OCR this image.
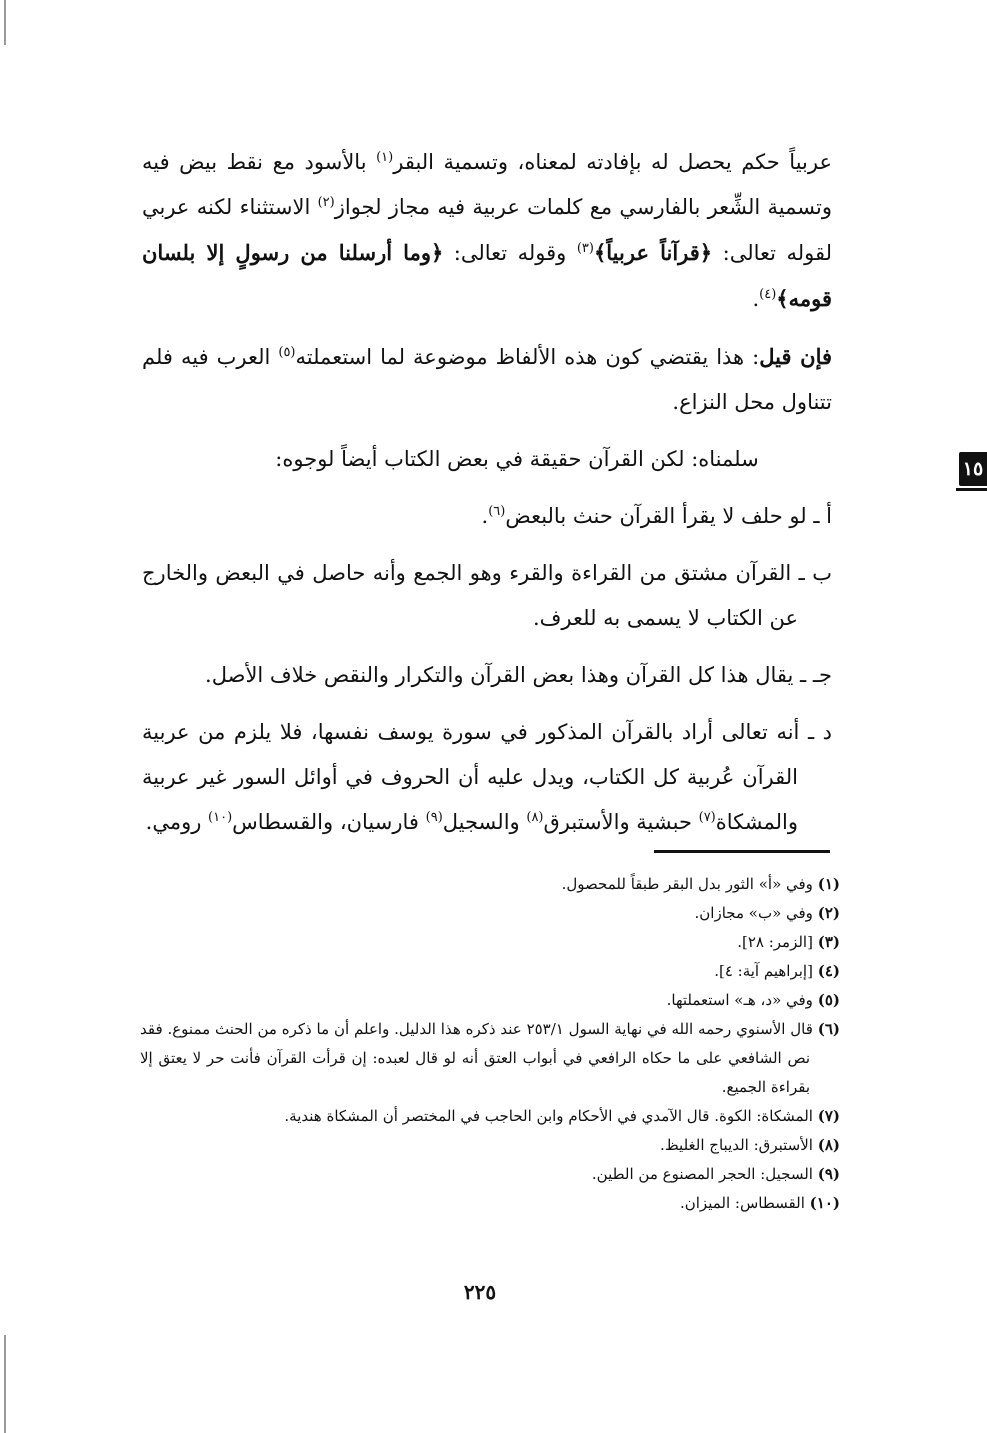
١٥

عربياً حكم يحصل له بإفادته لمعناه، وتسمية البقر$^{(١)}$ بالأسود مع نقط بيض فيه وتسمية الشِّعر بالفارسي مع كلمات عربية فيه مجاز لجواز$^{(٢)}$ الاستثناء لكنه عربي لقوله تعالى: ﴿قرآناً عربياً﴾$^{(٣)}$ وقوله تعالى: ﴿وما أرسلنا من رسولٍ إلا بلسان قومه﴾$^{(٤)}$.

فإن قيل: هذا يقتضي كون هذه الألفاظ موضوعة لما استعملته$^{(٥)}$ العرب فيه فلم تتناول محل النزاع.

سلمناه: لكن القرآن حقيقة في بعض الكتاب أيضاً لوجوه:

أ ـ لو حلف لا يقرأ القرآن حنث بالبعض$^{(٦)}$.

ب ـ القرآن مشتق من القراءة والقرء وهو الجمع وأنه حاصل في البعض والخارج عن الكتاب لا يسمى به للعرف.

جـ ـ يقال هذا كل القرآن وهذا بعض القرآن والتكرار والنقص خلاف الأصل.

د ـ أنه تعالى أراد بالقرآن المذكور في سورة يوسف نفسها، فلا يلزم من عربية القرآن عُربية كل الكتاب، ويدل عليه أن الحروف في أوائل السور غير عربية والمشكاة$^{(٧)}$ حبشية والأستبرق$^{(٨)}$ والسجيل$^{(٩)}$ فارسيان، والقسطاس$^{(١٠)}$ رومي.

(١) وفي «أ» الثور بدل البقر طبقاً للمحصول.
(٢) وفي «ب» مجازان.
(٣) [الزمر: ٢٨].
(٤) [إبراهيم آية: ٤].
(٥) وفي «د، هـ» استعملتها.
(٦) قال الأسنوي رحمه الله في نهاية السول ٢٥٣/١ عند ذكره هذا الدليل. واعلم أن ما ذكره من الحنث ممنوع. فقد نص الشافعي على ما حكاه الرافعي في أبواب العتق أنه لو قال لعبده: إن قرأت القرآن فأنت حر لا يعتق إلا بقراءة الجميع.
(٧) المشكاة: الكوة. قال الآمدي في الأحكام وابن الحاجب في المختصر أن المشكاة هندية.
(٨) الأستبرق: الديباج الغليظ.
(٩) السجيل: الحجر المصنوع من الطين.
(١٠) القسطاس: الميزان.
٢٢٥
